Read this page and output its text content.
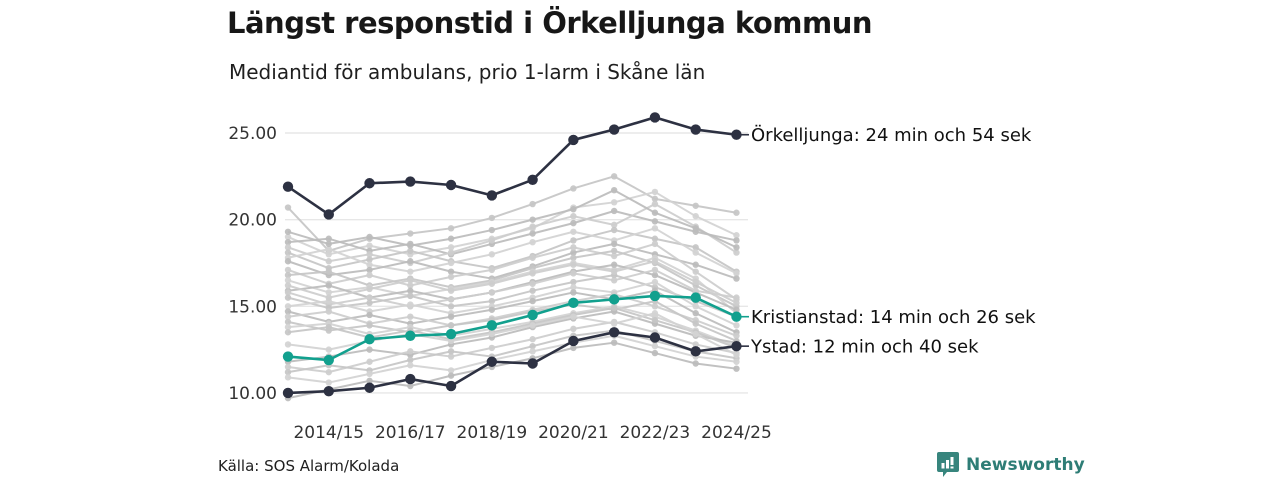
Längst responstid i Örkelljunga kommun
Mediantid för ambulans, prio 1-larm i Skåne län
10.00
15.00
20.00
25.00
2014/15 2016/17 2018/19 2020/21 2022/23 2024/25
Kristianstad: 14 min och 26 sek
Ystad: 12 min och 40 sek
Örkelljunga: 24 min och 54 sek
Källa: SOS Alarm/Kolada	Newsworthy
